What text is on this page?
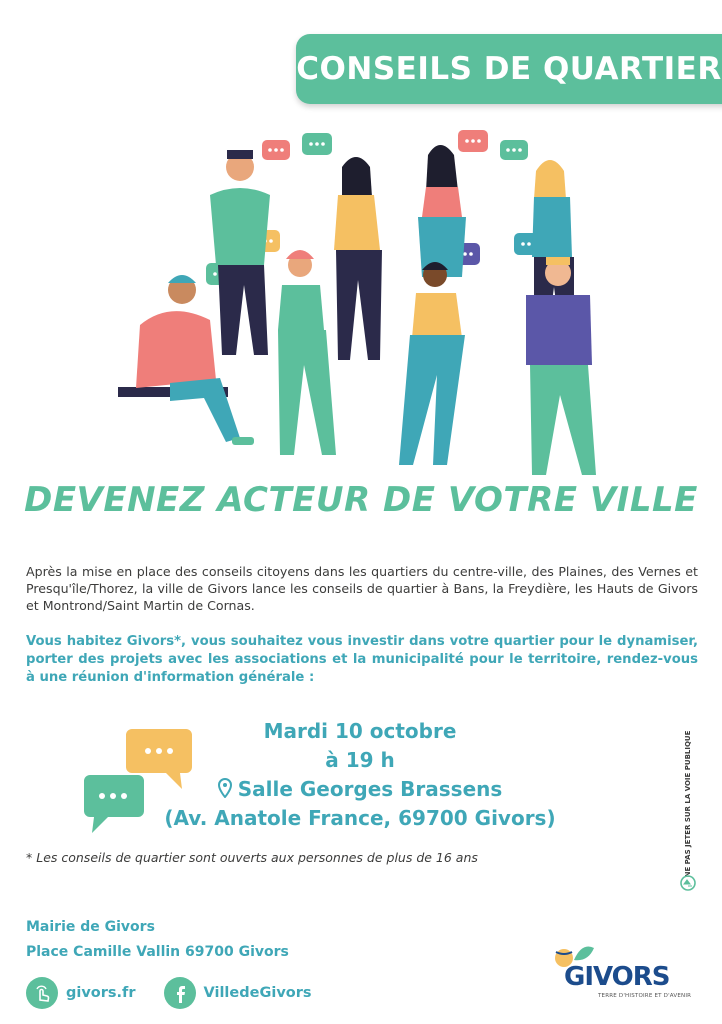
CONSEILS DE QUARTIER
DEVENEZ ACTEUR DE VOTRE VILLE

Après la mise en place des conseils citoyens dans les quartiers du centre-ville, des Plaines, des Vernes et Presqu'île/Thorez, la ville de Givors lance les conseils de quartier à Bans, la Freydière, les Hauts de Givors et Montrond/Saint Martin de Cornas.

Vous habitez Givors*, vous souhaitez vous investir dans votre quartier pour le dynamiser, porter des projets avec les associations et la municipalité pour le territoire, rendez-vous à une réunion d'information générale :

Mardi 10 octobre
à 19 h
Salle Georges Brassens
(Av. Anatole France, 69700 Givors)
* Les conseils de quartier sont ouverts aux personnes de plus de 16 ans	NE PAS JETER SUR LA VOIE PUBLIQUE
Mairie de Givors
Place Camille Vallin 69700 Givors
givors.fr	VilledeGivors
GIVORS
TERRE D'HISTOIRE ET D'AVENIR
